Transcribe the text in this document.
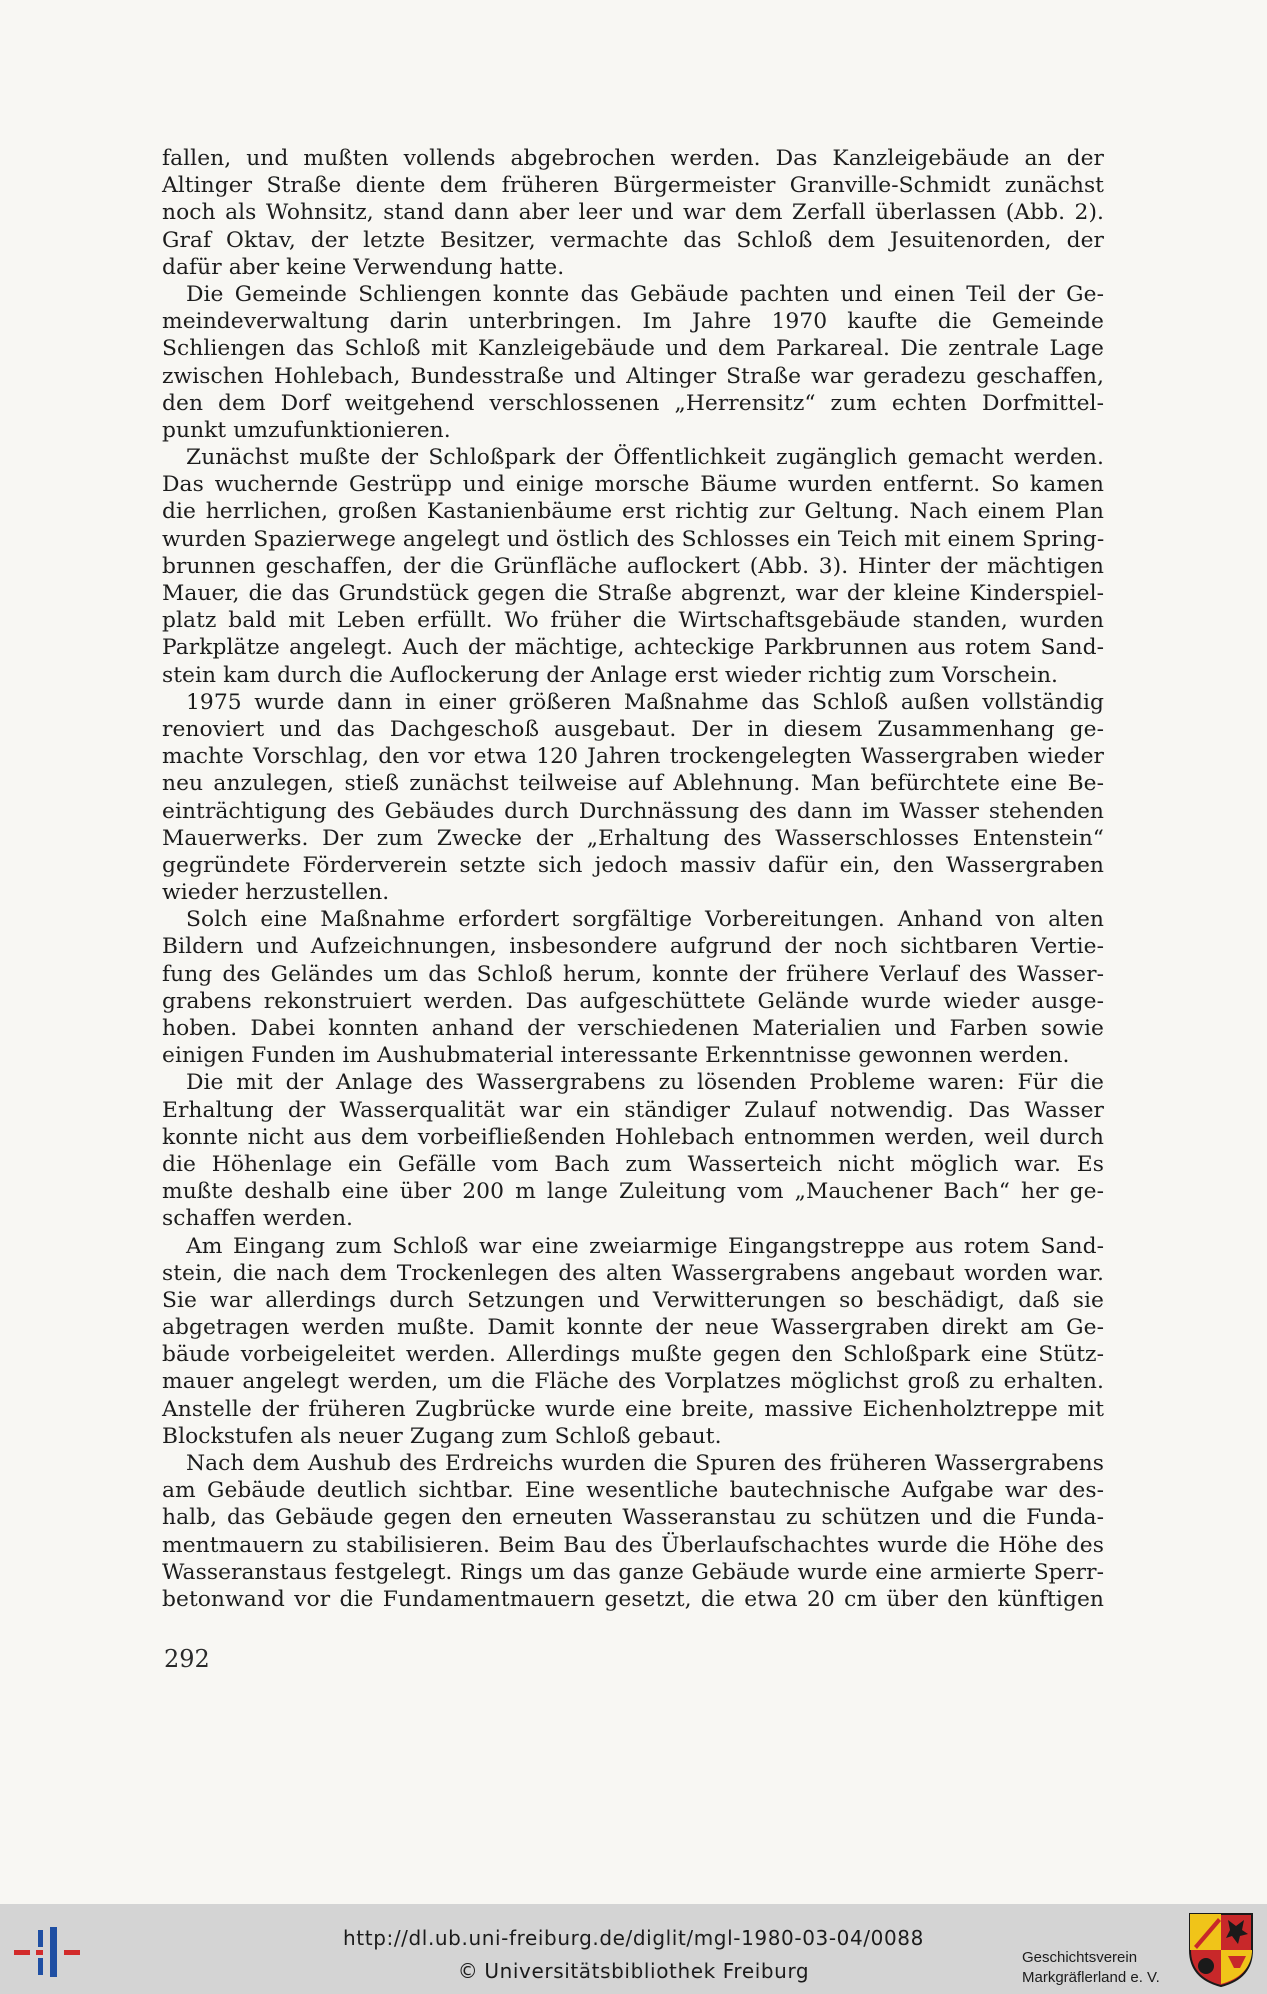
fallen, und mußten vollends abgebrochen werden. Das Kanzleigebäude an der
Altinger Straße diente dem früheren Bürgermeister Granville-Schmidt zunächst
noch als Wohnsitz, stand dann aber leer und war dem Zerfall überlassen (Abb. 2).
Graf Oktav, der letzte Besitzer, vermachte das Schloß dem Jesuitenorden, der
dafür aber keine Verwendung hatte.
Die Gemeinde Schliengen konnte das Gebäude pachten und einen Teil der Ge-
meindeverwaltung darin unterbringen. Im Jahre 1970 kaufte die Gemeinde
Schliengen das Schloß mit Kanzleigebäude und dem Parkareal. Die zentrale Lage
zwischen Hohlebach, Bundesstraße und Altinger Straße war geradezu geschaffen,
den dem Dorf weitgehend verschlossenen „Herrensitz“ zum echten Dorfmittel-
punkt umzufunktionieren.
Zunächst mußte der Schloßpark der Öffentlichkeit zugänglich gemacht werden.
Das wuchernde Gestrüpp und einige morsche Bäume wurden entfernt. So kamen
die herrlichen, großen Kastanienbäume erst richtig zur Geltung. Nach einem Plan
wurden Spazierwege angelegt und östlich des Schlosses ein Teich mit einem Spring-
brunnen geschaffen, der die Grünfläche auflockert (Abb. 3). Hinter der mächtigen
Mauer, die das Grundstück gegen die Straße abgrenzt, war der kleine Kinderspiel-
platz bald mit Leben erfüllt. Wo früher die Wirtschaftsgebäude standen, wurden
Parkplätze angelegt. Auch der mächtige, achteckige Parkbrunnen aus rotem Sand-
stein kam durch die Auflockerung der Anlage erst wieder richtig zum Vorschein.
1975 wurde dann in einer größeren Maßnahme das Schloß außen vollständig
renoviert und das Dachgeschoß ausgebaut. Der in diesem Zusammenhang ge-
machte Vorschlag, den vor etwa 120 Jahren trockengelegten Wassergraben wieder
neu anzulegen, stieß zunächst teilweise auf Ablehnung. Man befürchtete eine Be-
einträchtigung des Gebäudes durch Durchnässung des dann im Wasser stehenden
Mauerwerks. Der zum Zwecke der „Erhaltung des Wasserschlosses Entenstein“
gegründete Förderverein setzte sich jedoch massiv dafür ein, den Wassergraben
wieder herzustellen.
Solch eine Maßnahme erfordert sorgfältige Vorbereitungen. Anhand von alten
Bildern und Aufzeichnungen, insbesondere aufgrund der noch sichtbaren Vertie-
fung des Geländes um das Schloß herum, konnte der frühere Verlauf des Wasser-
grabens rekonstruiert werden. Das aufgeschüttete Gelände wurde wieder ausge-
hoben. Dabei konnten anhand der verschiedenen Materialien und Farben sowie
einigen Funden im Aushubmaterial interessante Erkenntnisse gewonnen werden.
Die mit der Anlage des Wassergrabens zu lösenden Probleme waren: Für die
Erhaltung der Wasserqualität war ein ständiger Zulauf notwendig. Das Wasser
konnte nicht aus dem vorbeifließenden Hohlebach entnommen werden, weil durch
die Höhenlage ein Gefälle vom Bach zum Wasserteich nicht möglich war. Es
mußte deshalb eine über 200 m lange Zuleitung vom „Mauchener Bach“ her ge-
schaffen werden.
Am Eingang zum Schloß war eine zweiarmige Eingangstreppe aus rotem Sand-
stein, die nach dem Trockenlegen des alten Wassergrabens angebaut worden war.
Sie war allerdings durch Setzungen und Verwitterungen so beschädigt, daß sie
abgetragen werden mußte. Damit konnte der neue Wassergraben direkt am Ge-
bäude vorbeigeleitet werden. Allerdings mußte gegen den Schloßpark eine Stütz-
mauer angelegt werden, um die Fläche des Vorplatzes möglichst groß zu erhalten.
Anstelle der früheren Zugbrücke wurde eine breite, massive Eichenholztreppe mit
Blockstufen als neuer Zugang zum Schloß gebaut.
Nach dem Aushub des Erdreichs wurden die Spuren des früheren Wassergrabens
am Gebäude deutlich sichtbar. Eine wesentliche bautechnische Aufgabe war des-
halb, das Gebäude gegen den erneuten Wasseranstau zu schützen und die Funda-
mentmauern zu stabilisieren. Beim Bau des Überlaufschachtes wurde die Höhe des
Wasseranstaus festgelegt. Rings um das ganze Gebäude wurde eine armierte Sperr-
betonwand vor die Fundamentmauern gesetzt, die etwa 20 cm über den künftigen
292
http://dl.ub.uni-freiburg.de/diglit/mgl-1980-03-04/0088
© Universitätsbibliothek Freiburg
Geschichtsverein
Markgräflerland e. V.
